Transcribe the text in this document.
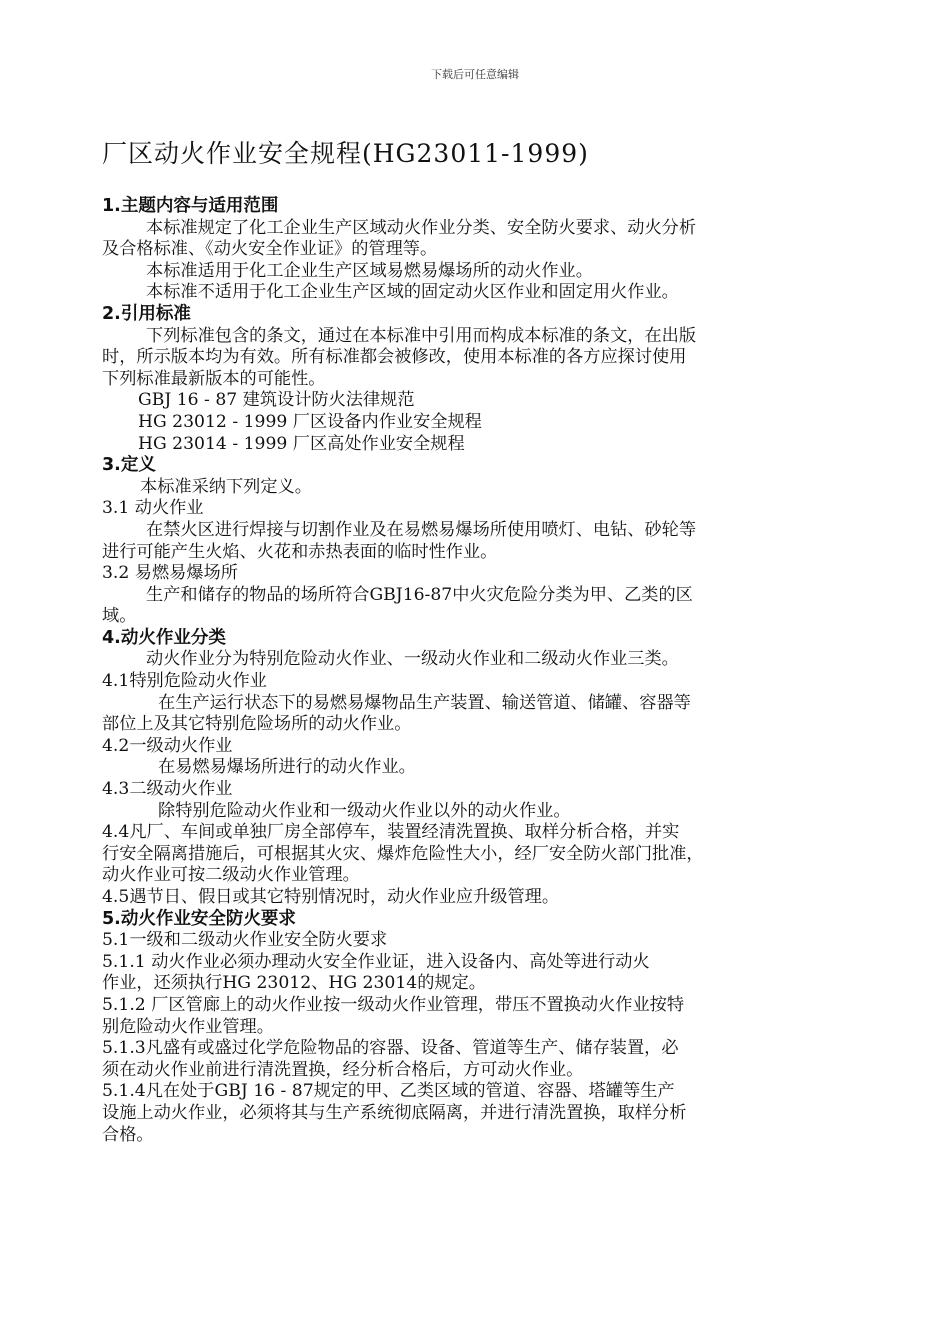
下载后可任意编辑
厂区动火作业安全规程(HG23011-1999)

1.主题内容与适用范围

本标准规定了化工企业生产区域动火作业分类、安全防火要求、动火分析

及合格标准、《动火安全作业证》的管理等。

本标准适用于化工企业生产区域易燃易爆场所的动火作业。

本标准不适用于化工企业生产区域的固定动火区作业和固定用火作业。

2.引用标准

下列标准包含的条文，通过在本标准中引用而构成本标准的条文，在出版

时，所示版本均为有效。所有标准都会被修改，使用本标准的各方应探讨使用

下列标准最新版本的可能性。

GBJ 16 - 87 建筑设计防火法律规范

HG 23012 - 1999 厂区设备内作业安全规程

HG 23014 - 1999 厂区高处作业安全规程

3.定义

本标准采纳下列定义。

3.1 动火作业

在禁火区进行焊接与切割作业及在易燃易爆场所使用喷灯、电钻、砂轮等

进行可能产生火焰、火花和赤热表面的临时性作业。

3.2 易燃易爆场所

生产和储存的物品的场所符合GBJ16-87中火灾危险分类为甲、乙类的区

域。

4.动火作业分类

动火作业分为特别危险动火作业、一级动火作业和二级动火作业三类。

4.1特别危险动火作业

在生产运行状态下的易燃易爆物品生产装置、输送管道、储罐、容器等

部位上及其它特别危险场所的动火作业。

4.2一级动火作业

在易燃易爆场所进行的动火作业。

4.3二级动火作业

除特别危险动火作业和一级动火作业以外的动火作业。

4.4凡厂、车间或单独厂房全部停车，装置经清洗置换、取样分析合格，并实

行安全隔离措施后，可根据其火灾、爆炸危险性大小，经厂安全防火部门批准，

动火作业可按二级动火作业管理。

4.5遇节日、假日或其它特别情况时，动火作业应升级管理。

5.动火作业安全防火要求

5.1一级和二级动火作业安全防火要求

5.1.1 动火作业必须办理动火安全作业证，进入设备内、高处等进行动火

作业，还须执行HG 23012、HG 23014的规定。

5.1.2 厂区管廊上的动火作业按一级动火作业管理，带压不置换动火作业按特

别危险动火作业管理。

5.1.3凡盛有或盛过化学危险物品的容器、设备、管道等生产、储存装置，必

须在动火作业前进行清洗置换，经分析合格后，方可动火作业。

5.1.4凡在处于GBJ 16 - 87规定的甲、乙类区域的管道、容器、塔罐等生产

设施上动火作业，必须将其与生产系统彻底隔离，并进行清洗置换，取样分析

合格。
